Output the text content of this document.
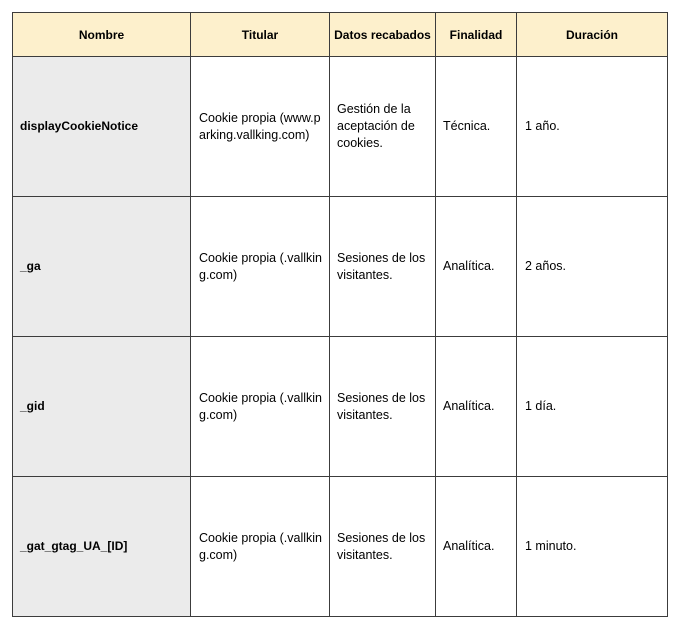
Nombre	Titular	Datos recabados	Finalidad	Duración
displayCookieNotice	Cookie propia (www.parking.vallking.com)	Gestión de la aceptación de cookies.	Técnica.	1 año.
_ga	Cookie propia (.vallking.com)	Sesiones de los visitantes.	Analítica.	2 años.
_gid	Cookie propia (.vallking.com)	Sesiones de los visitantes.	Analítica.	1 día.
_gat_gtag_UA_[ID]	Cookie propia (.vallking.com)	Sesiones de los visitantes.	Analítica.	1 minuto.
